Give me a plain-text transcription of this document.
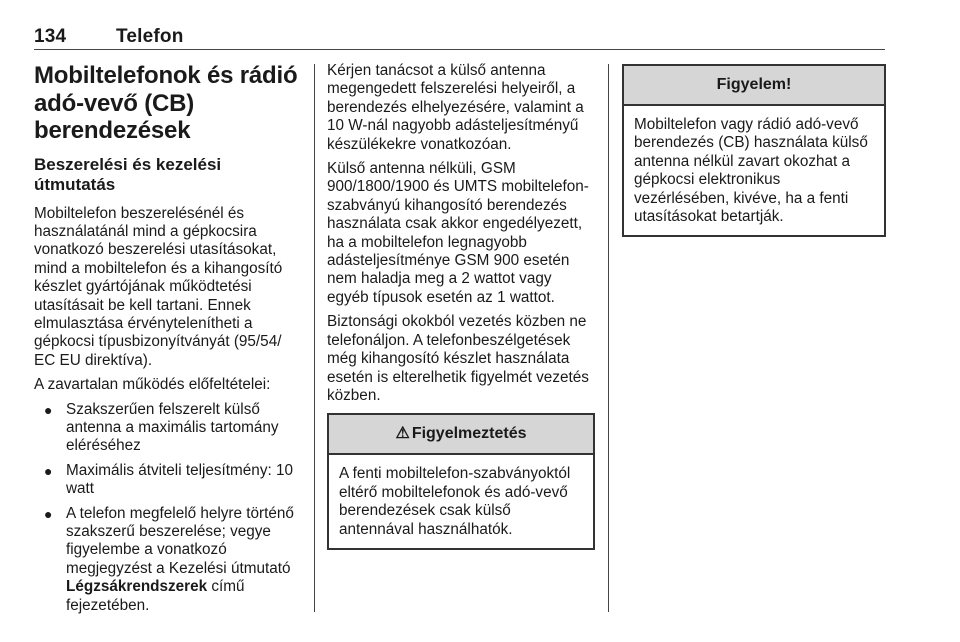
134	Telefon
Mobiltelefonok és rádió adó-vevő (CB) berendezések
Beszerelési és kezelési útmutatás

Mobiltelefon beszerelésénél és használatánál mind a gépkocsira vonatkozó beszerelési utasításokat, mind a mobiltelefon és a kihangosító készlet gyártójának működtetési utasításait be kell tartani. Ennek elmulasztása érvénytelenítheti a gépkocsi típusbizonyítványát (95/54/ EC EU direktíva).

A zavartalan működés előfeltételei:

● Szakszerűen felszerelt külső antenna a maximális tartomány eléréséhez
● Maximális átviteli teljesítmény: 10 watt
● A telefon megfelelő helyre történő szakszerű beszerelése; vegye figyelembe a vonatkozó megjegyzést a Kezelési útmutató Légzsákrendszerek című fejezetében.

Kérjen tanácsot a külső antenna megengedett felszerelési helyeiről, a berendezés elhelyezésére, valamint a 10 W-nál nagyobb adásteljesítményű készülékekre vonatkozóan.

Külső antenna nélküli, GSM 900/1800/1900 és UMTS mobiltelefon-szabványú kihangosító berendezés használata csak akkor engedélyezett, ha a mobiltelefon legnagyobb adásteljesítménye GSM 900 esetén nem haladja meg a 2 wattot vagy egyéb típusok esetén az 1 wattot.

Biztonsági okokból vezetés közben ne telefonáljon. A telefonbeszélgetések még kihangosító készlet használata esetén is elterelhetik figyelmét vezetés közben.

⚠ Figyelmeztetés
A fenti mobiltelefon-szabványoktól eltérő mobiltelefonok és adó-vevő berendezések csak külső antennával használhatók.
Figyelem!
Mobiltelefon vagy rádió adó-vevő berendezés (CB) használata külső antenna nélkül zavart okozhat a gépkocsi elektronikus vezérlésében, kivéve, ha a fenti utasításokat betartják.
